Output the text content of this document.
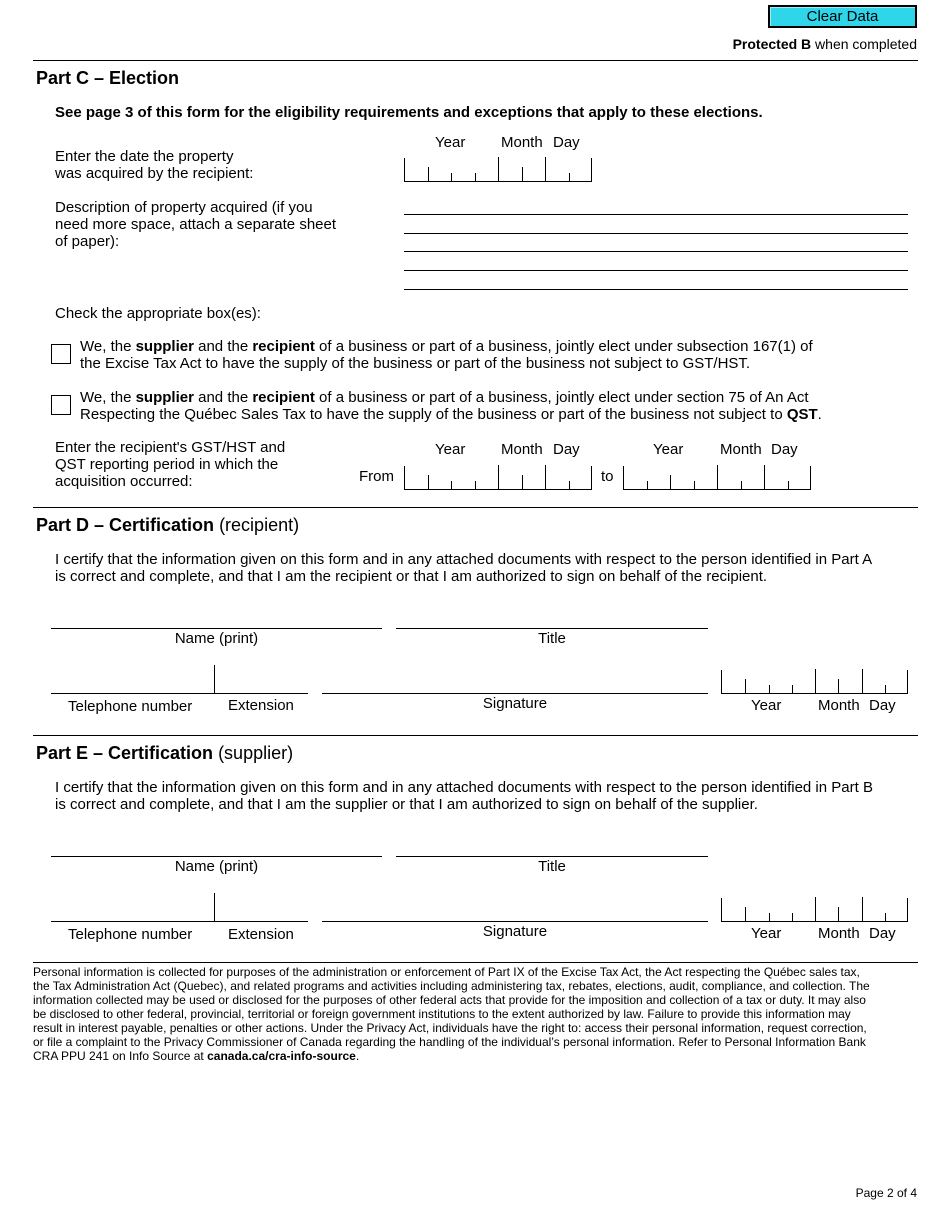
Clear Data
Protected B when completed
Part C – Election
See page 3 of this form for the eligibility requirements and exceptions that apply to these elections.
Enter the date the property
was acquired by the recipient:
Year Month Day
Description of property acquired (if you
need more space, attach a separate sheet
of paper):
Check the appropriate box(es):
We, the supplier and the recipient of a business or part of a business, jointly elect under subsection 167(1) of
the Excise Tax Act to have the supply of the business or part of the business not subject to GST/HST.
We, the supplier and the recipient of a business or part of a business, jointly elect under section 75 of An Act
Respecting the Québec Sales Tax to have the supply of the business or part of the business not subject to QST.
Enter the recipient's GST/HST and
QST reporting period in which the
acquisition occurred:
Year Month Day	Year Month Day
From	to
Part D – Certification (recipient)
I certify that the information given on this form and in any attached documents with respect to the person identified in Part A
is correct and complete, and that I am the recipient or that I am authorized to sign on behalf of the recipient.
Name (print)	Title
Telephone number Extension	Signature	Year Month Day
Part E – Certification (supplier)
I certify that the information given on this form and in any attached documents with respect to the person identified in Part B
is correct and complete, and that I am the supplier or that I am authorized to sign on behalf of the supplier.
Name (print)	Title
Telephone number Extension	Signature	Year Month Day
Personal information is collected for purposes of the administration or enforcement of Part IX of the Excise Tax Act, the Act respecting the Québec sales tax,
the Tax Administration Act (Quebec), and related programs and activities including administering tax, rebates, elections, audit, compliance, and collection. The
information collected may be used or disclosed for the purposes of other federal acts that provide for the imposition and collection of a tax or duty. It may also
be disclosed to other federal, provincial, territorial or foreign government institutions to the extent authorized by law. Failure to provide this information may
result in interest payable, penalties or other actions. Under the Privacy Act, individuals have the right to: access their personal information, request correction,
or file a complaint to the Privacy Commissioner of Canada regarding the handling of the individual’s personal information. Refer to Personal Information Bank
CRA PPU 241 on Info Source at canada.ca/cra-info-source.
Page 2 of 4
